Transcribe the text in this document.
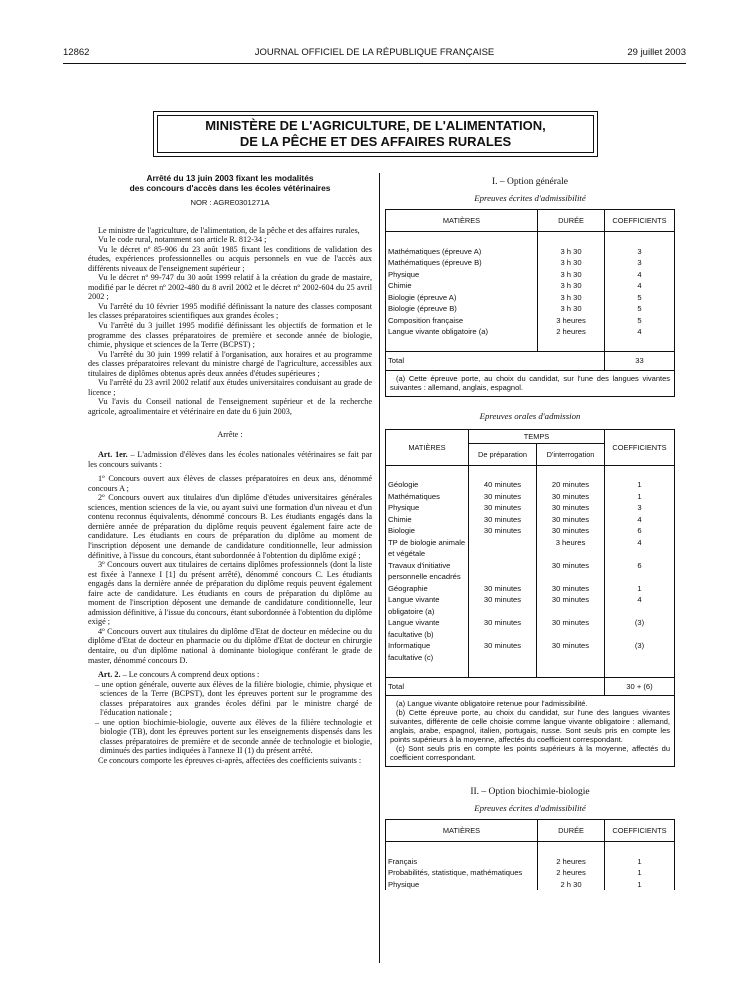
12862	JOURNAL OFFICIEL DE LA RÉPUBLIQUE FRANÇAISE	29 juillet 2003
MINISTÈRE DE L'AGRICULTURE, DE L'ALIMENTATION,
DE LA PÊCHE ET DES AFFAIRES RURALES
Arrêté du 13 juin 2003 fixant les modalités
des concours d'accès dans les écoles vétérinaires
NOR : AGRE0301271A

Le ministre de l'agriculture, de l'alimentation, de la pêche et des affaires rurales,

Vu le code rural, notamment son article R. 812-34 ;

Vu le décret nº 85-906 du 23 août 1985 fixant les conditions de validation des études, expériences professionnelles ou acquis personnels en vue de l'accès aux différents niveaux de l'enseignement supérieur ;

Vu le décret nº 99-747 du 30 août 1999 relatif à la création du grade de mastaire, modifié par le décret nº 2002-480 du 8 avril 2002 et le décret nº 2002-604 du 25 avril 2002 ;

Vu l'arrêté du 10 février 1995 modifié définissant la nature des classes composant les classes préparatoires scientifiques aux grandes écoles ;

Vu l'arrêté du 3 juillet 1995 modifié définissant les objectifs de formation et le programme des classes préparatoires de première et seconde année de biologie, chimie, physique et sciences de la Terre (BCPST) ;

Vu l'arrêté du 30 juin 1999 relatif à l'organisation, aux horaires et au programme des classes préparatoires relevant du ministre chargé de l'agriculture, accessibles aux titulaires de diplômes obtenus après deux années d'études supérieures ;

Vu l'arrêté du 23 avril 2002 relatif aux études universitaires conduisant au grade de licence ;

Vu l'avis du Conseil national de l'enseignement supérieur et de la recherche agricole, agroalimentaire et vétérinaire en date du 6 juin 2003,

Arrête :

Art. 1er. – L'admission d'élèves dans les écoles nationales vétérinaires se fait par les concours suivants :

1º Concours ouvert aux élèves de classes préparatoires en deux ans, dénommé concours A ;

2º Concours ouvert aux titulaires d'un diplôme d'études universitaires générales sciences, mention sciences de la vie, ou ayant suivi une formation d'un niveau et d'un contenu reconnus équivalents, dénommé concours B. Les étudiants engagés dans la dernière année de préparation du diplôme requis peuvent également faire acte de candidature. Les étudiants en cours de préparation du diplôme au moment de l'inscription déposent une demande de candidature conditionnelle, leur admission définitive, à l'issue du concours, étant subordonnée à l'obtention du diplôme exigé ;

3º Concours ouvert aux titulaires de certains diplômes professionnels (dont la liste est fixée à l'annexe I [1] du présent arrêté), dénommé concours C. Les étudiants engagés dans la dernière année de préparation du diplôme requis peuvent également faire acte de candidature. Les étudiants en cours de préparation du diplôme au moment de l'inscription déposent une demande de candidature conditionnelle, leur admission définitive, à l'issue du concours, étant subordonnée à l'obtention du diplôme exigé ;

4º Concours ouvert aux titulaires du diplôme d'Etat de docteur en médecine ou du diplôme d'Etat de docteur en pharmacie ou du diplôme d'Etat de docteur en chirurgie dentaire, ou d'un diplôme national à dominante biologique conférant le grade de master, dénommé concours D.

Art. 2. – Le concours A comprend deux options :

– une option générale, ouverte aux élèves de la filière biologie, chimie, physique et sciences de la Terre (BCPST), dont les épreuves portent sur le programme des classes préparatoires aux grandes écoles défini par le ministre chargé de l'éducation nationale ;
– une option biochimie-biologie, ouverte aux élèves de la filière technologie et biologie (TB), dont les épreuves portent sur les enseignements dispensés dans les classes préparatoires de première et de seconde année de technologie et biologie, diminués des parties indiquées à l'annexe II (1) du présent arrêté.

Ce concours comporte les épreuves ci-après, affectées des coefficients suivants :

I. – Option générale
Epreuves écrites d'admissibilité
MATIÈRES	DURÉE	COEFFICIENTS

Mathématiques (épreuve A)	3 h 30	3
Mathématiques (épreuve B)	3 h 30	3
Physique	3 h 30	4
Chimie	3 h 30	4
Biologie (épreuve A)	3 h 30	5
Biologie (épreuve B)	3 h 30	5
Composition française	3 heures	5
Langue vivante obligatoire (a)	2 heures	4

Total		33

(a) Cette épreuve porte, au choix du candidat, sur l'une des langues vivantes suivantes : allemand, anglais, espagnol.

Epreuves orales d'admission
MATIÈRES	TEMPS		COEFFICIENTS
	De préparation	D'interrogation	

Géologie	40 minutes	20 minutes	1
Mathématiques	30 minutes	30 minutes	1
Physique	30 minutes	30 minutes	3
Chimie	30 minutes	30 minutes	4
Biologie	30 minutes	30 minutes	6
TP de biologie animale et végétale		3 heures	4
Travaux d'initiative personnelle encadrés		30 minutes	6
Géographie	30 minutes	30 minutes	1
Langue vivante obligatoire (a)	30 minutes	30 minutes	4
Langue vivante facultative (b)	30 minutes	30 minutes	(3)
Informatique facultative (c)	30 minutes	30 minutes	(3)

Total			30 + (6)

(a) Langue vivante obligatoire retenue pour l'admissibilité.

(b) Cette épreuve porte, au choix du candidat, sur l'une des langues vivantes suivantes, différente de celle choisie comme langue vivante obligatoire : allemand, anglais, arabe, espagnol, italien, portugais, russe. Sont seuls pris en compte les points supérieurs à la moyenne, affectés du coefficient correspondant.

(c) Sont seuls pris en compte les points supérieurs à la moyenne, affectés du coefficient correspondant.

II. – Option biochimie-biologie
Epreuves écrites d'admissibilité
MATIÈRES	DURÉE	COEFFICIENTS

Français	2 heures	1
Probabilités, statistique, mathématiques	2 heures	1
Physique	2 h 30	1
